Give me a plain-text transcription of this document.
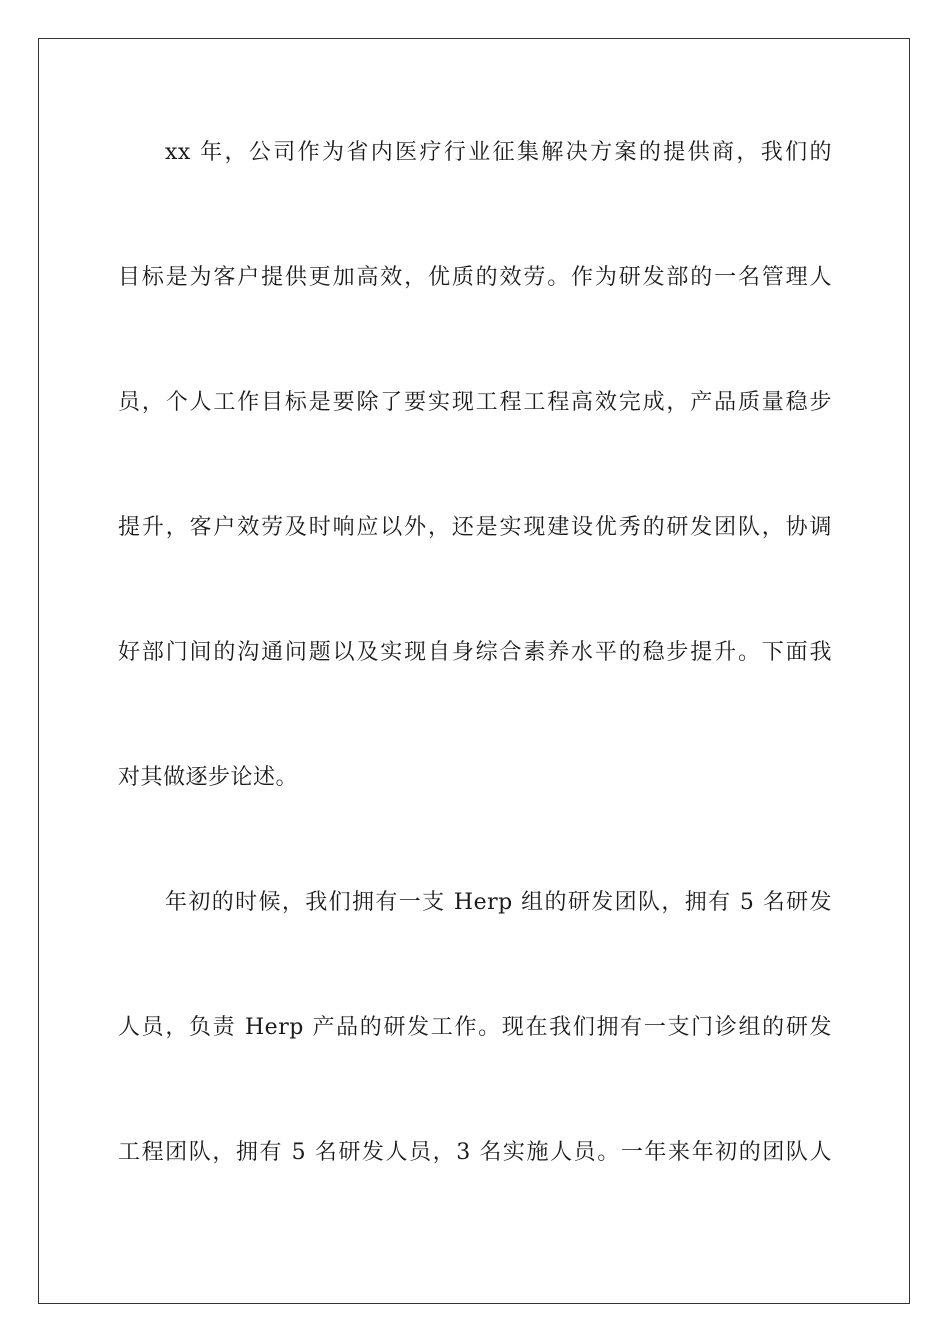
xx 年，公司作为省内医疗行业征集解决方案的提供商，我们的
目标是为客户提供更加高效，优质的效劳。作为研发部的一名管理人
员，个人工作目标是要除了要实现工程工程高效完成，产品质量稳步
提升，客户效劳及时响应以外，还是实现建设优秀的研发团队，协调
好部门间的沟通问题以及实现自身综合素养水平的稳步提升。下面我
对其做逐步论述。
年初的时候，我们拥有一支 Herp 组的研发团队，拥有 5 名研发
人员，负责 Herp 产品的研发工作。现在我们拥有一支门诊组的研发
工程团队，拥有 5 名研发人员，3 名实施人员。一年来年初的团队人
